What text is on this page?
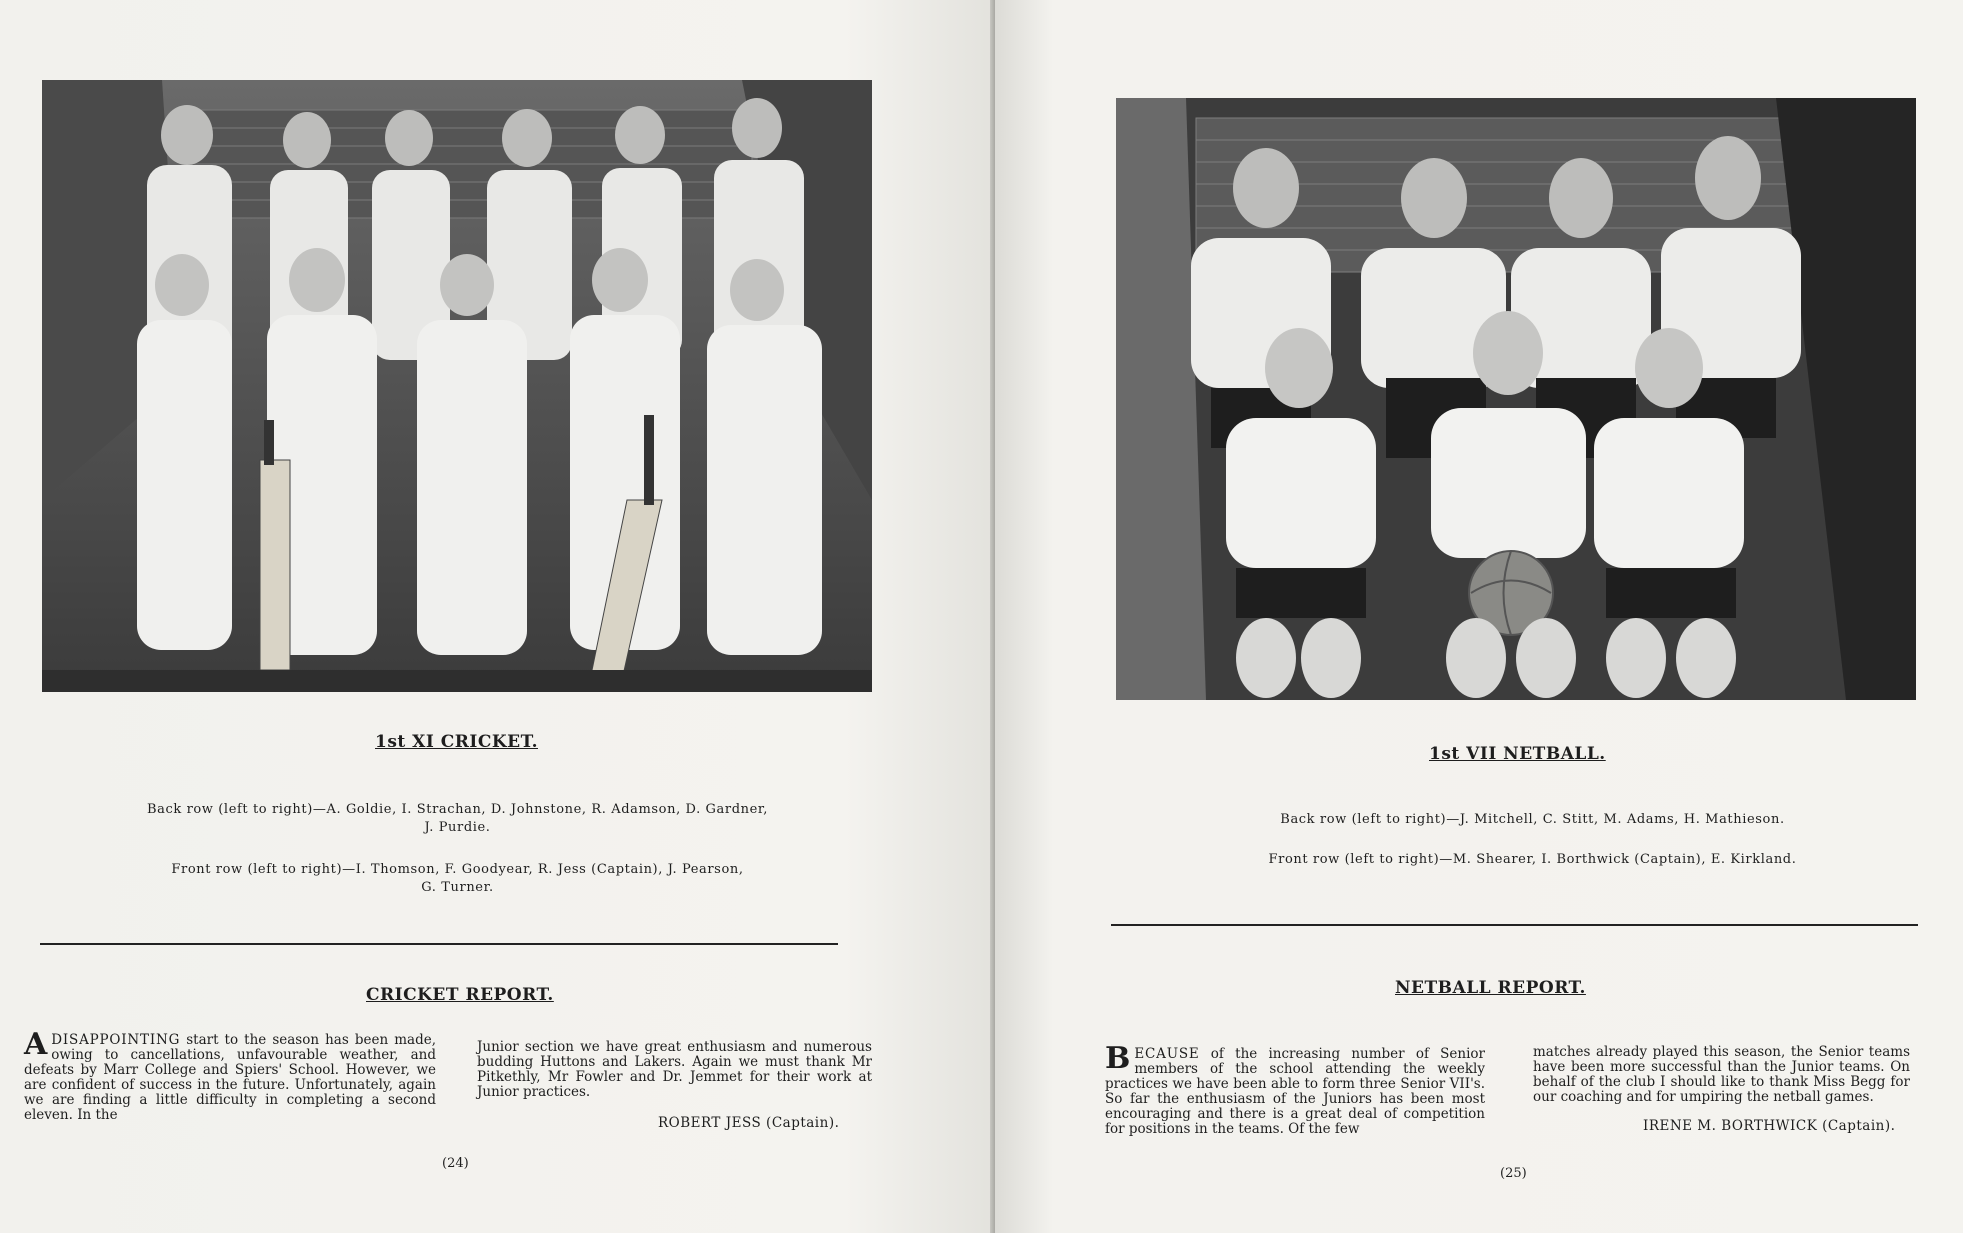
1st XI CRICKET.
Back row (left to right)—A. Goldie, I. Strachan, D. Johnstone, R. Adamson, D. Gardner,
J. Purdie.
Front row (left to right)—I. Thomson, F. Goodyear, R. Jess (Captain), J. Pearson,
G. Turner.
CRICKET REPORT.
ADISAPPOINTING start to the season has been made, owing to cancellations, unfavourable weather, and defeats by Marr College and Spiers' School. However, we are confident of success in the future. Unfortunately, again we are finding a little difficulty in completing a second eleven. In the
Junior section we have great enthusiasm and numerous budding Huttons and Lakers. Again we must thank Mr Pitkethly, Mr Fowler and Dr. Jemmet for their work at Junior practices.
ROBERT JESS (Captain).
(24)
1st VII NETBALL.
Back row (left to right)—J. Mitchell, C. Stitt, M. Adams, H. Mathieson.
Front row (left to right)—M. Shearer, I. Borthwick (Captain), E. Kirkland.
NETBALL REPORT.
BECAUSE of the increasing number of Senior members of the school attending the weekly practices we have been able to form three Senior VII's. So far the enthusiasm of the Juniors has been most encouraging and there is a great deal of competition for positions in the teams. Of the few
matches already played this season, the Senior teams have been more successful than the Junior teams. On behalf of the club I should like to thank Miss Begg for our coaching and for umpiring the netball games.
IRENE M. BORTHWICK (Captain).
(25)
